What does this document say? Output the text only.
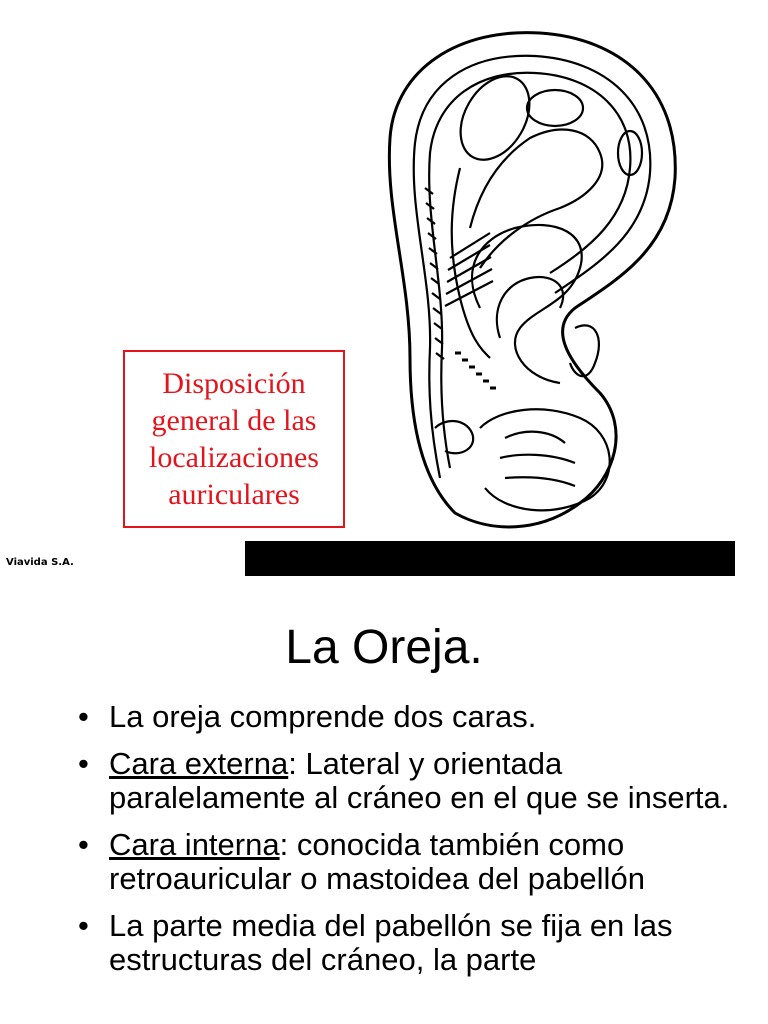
Disposición
general de las
localizaciones
auriculares
Viavida S.A.
La Oreja.
• La oreja comprende dos caras.
• Cara externa: Lateral y orientada paralelamente al cráneo en el que se inserta.
• Cara interna: conocida también como retroauricular o mastoidea del pabellón
• La parte media del pabellón se fija en las estructuras del cráneo, la parte
